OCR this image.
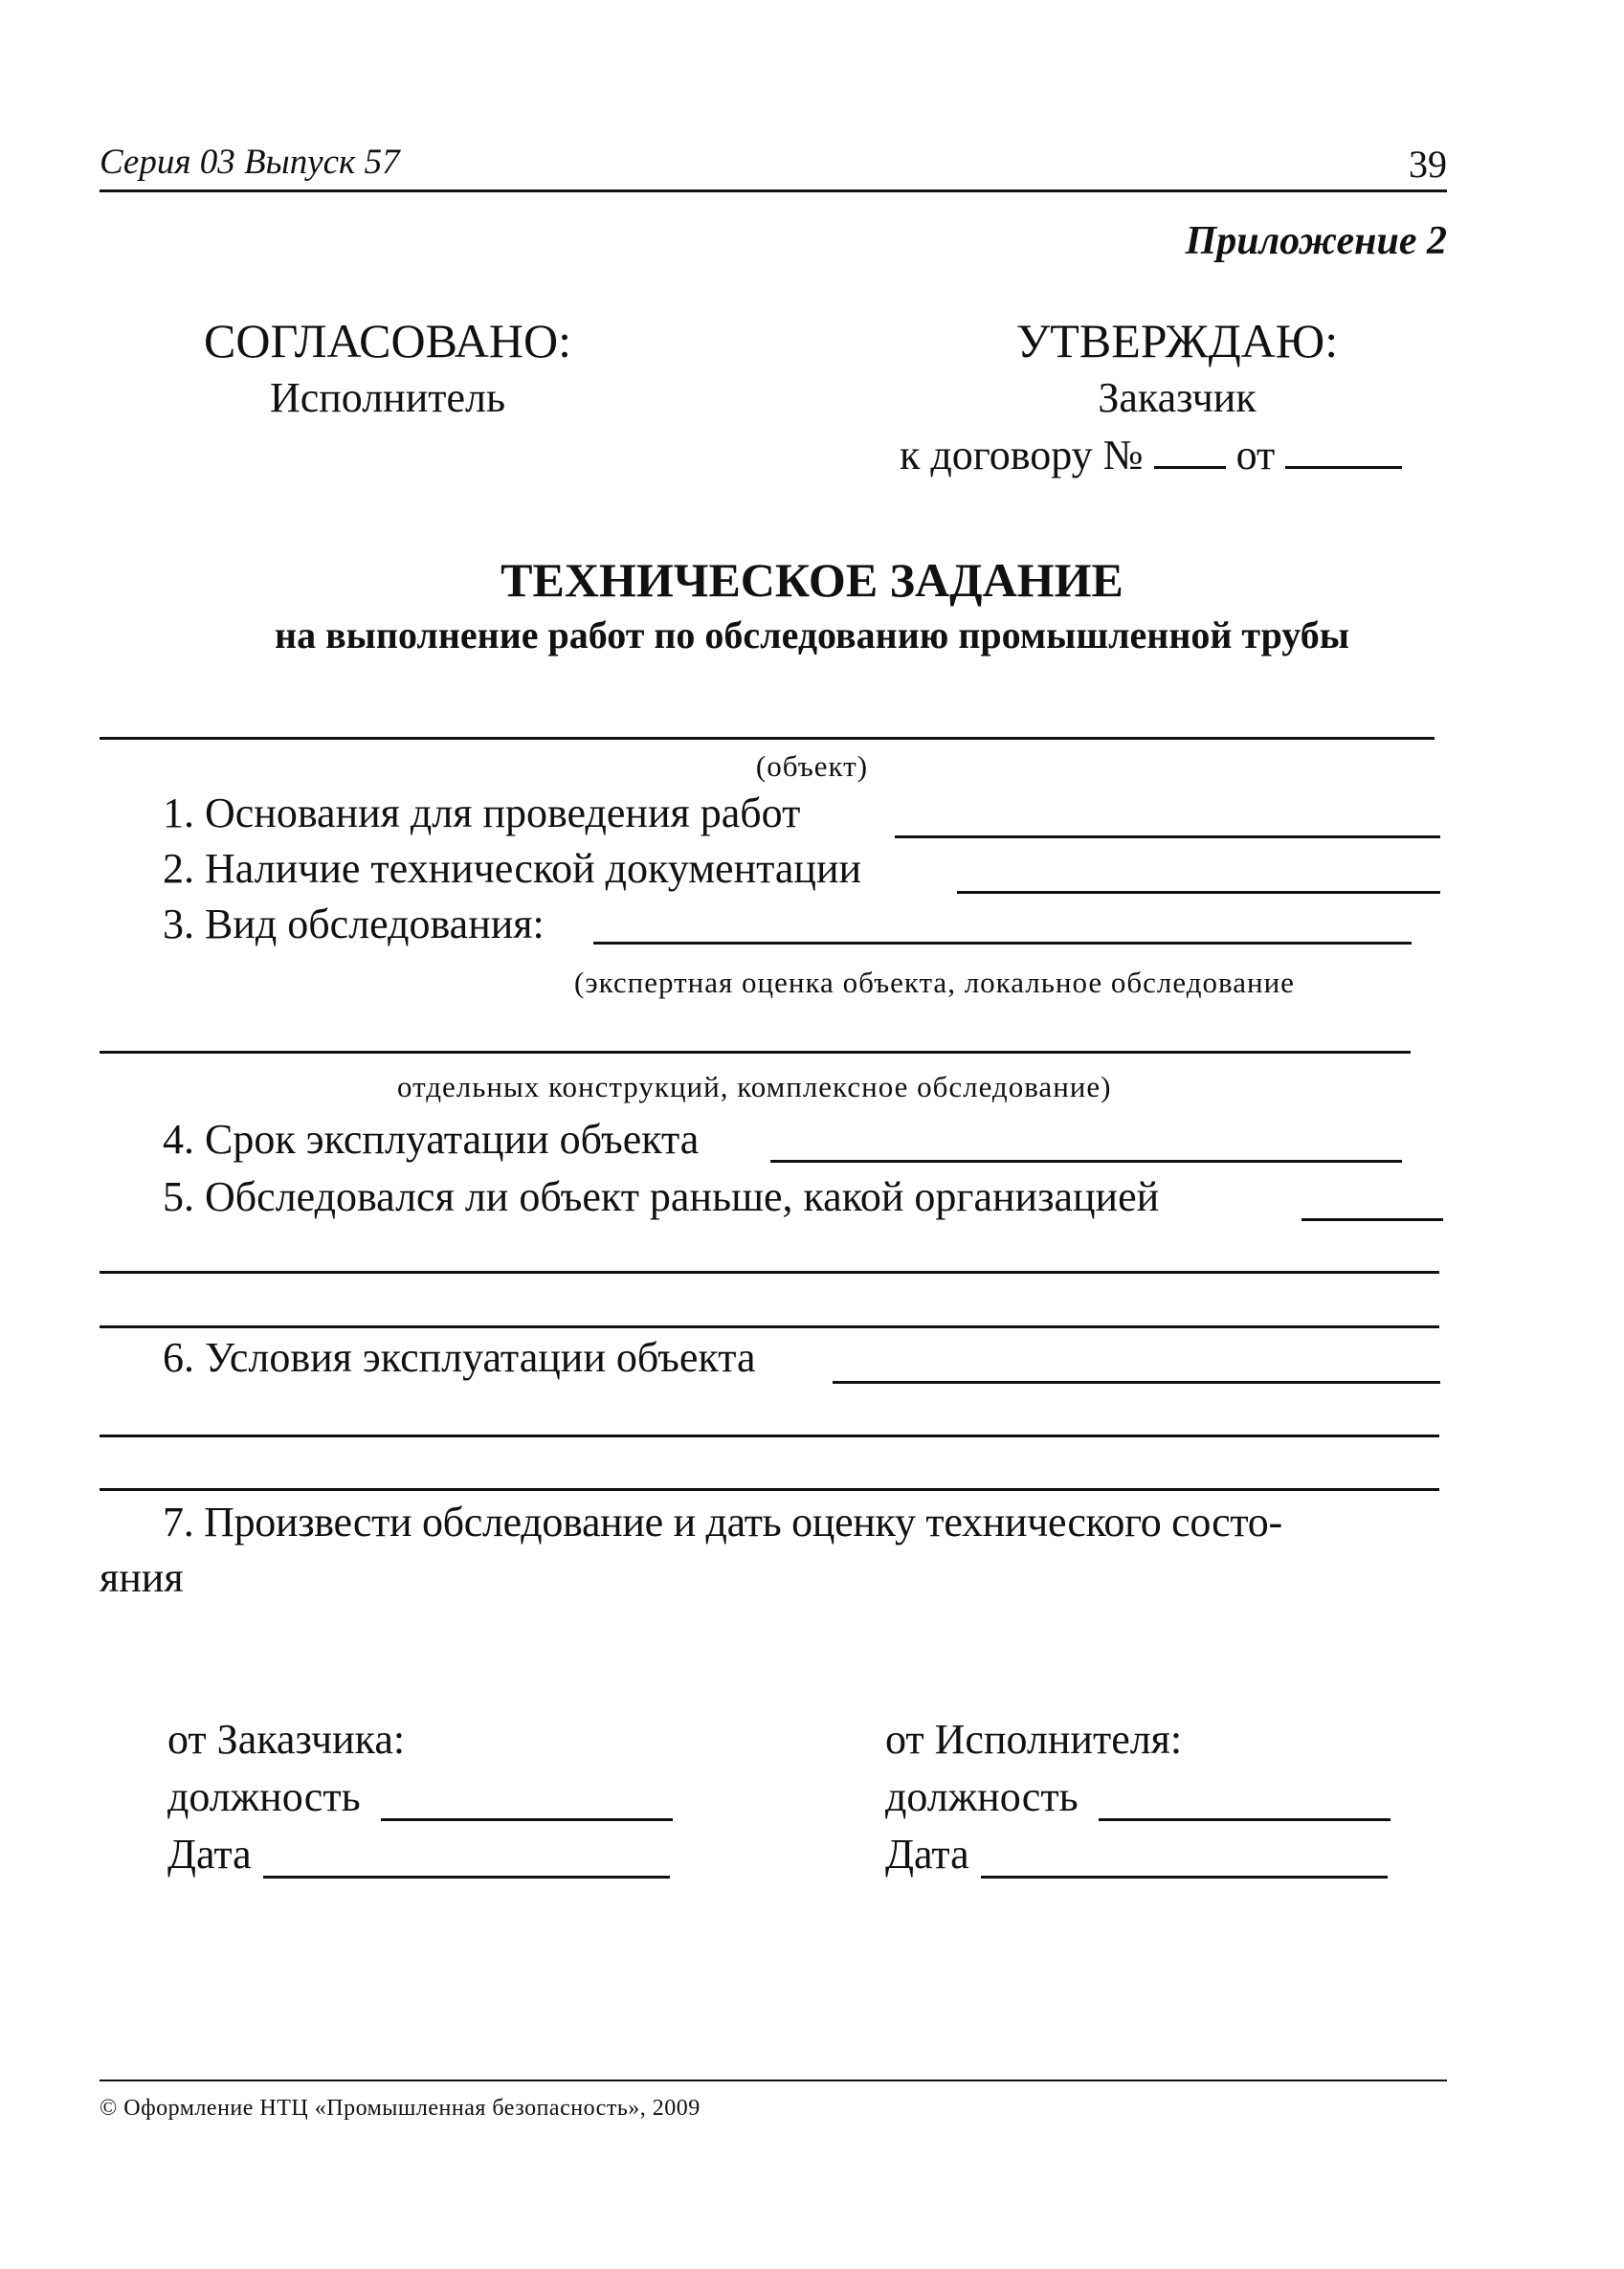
Серия 03 Выпуск 57	39
Приложение 2
СОГЛАСОВАНО:
Исполнитель
УТВЕРЖДАЮ:
Заказчик
к договору № от
ТЕХНИЧЕСКОЕ ЗАДАНИЕ
на выполнение работ по обследованию промышленной трубы
(объект)
1. Основания для проведения работ
2. Наличие технической документации
3. Вид обследования:
(экспертная оценка объекта, локальное обследование
отдельных конструкций, комплексное обследование)
4. Срок эксплуатации объекта
5. Обследовался ли объект раньше, какой организацией
6. Условия эксплуатации объекта
7. Произвести обследование и дать оценку технического состо-
яния
от Заказчика:
должность
Дата
от Исполнителя:
должность
Дата
© Оформление НТЦ «Промышленная безопасность», 2009
